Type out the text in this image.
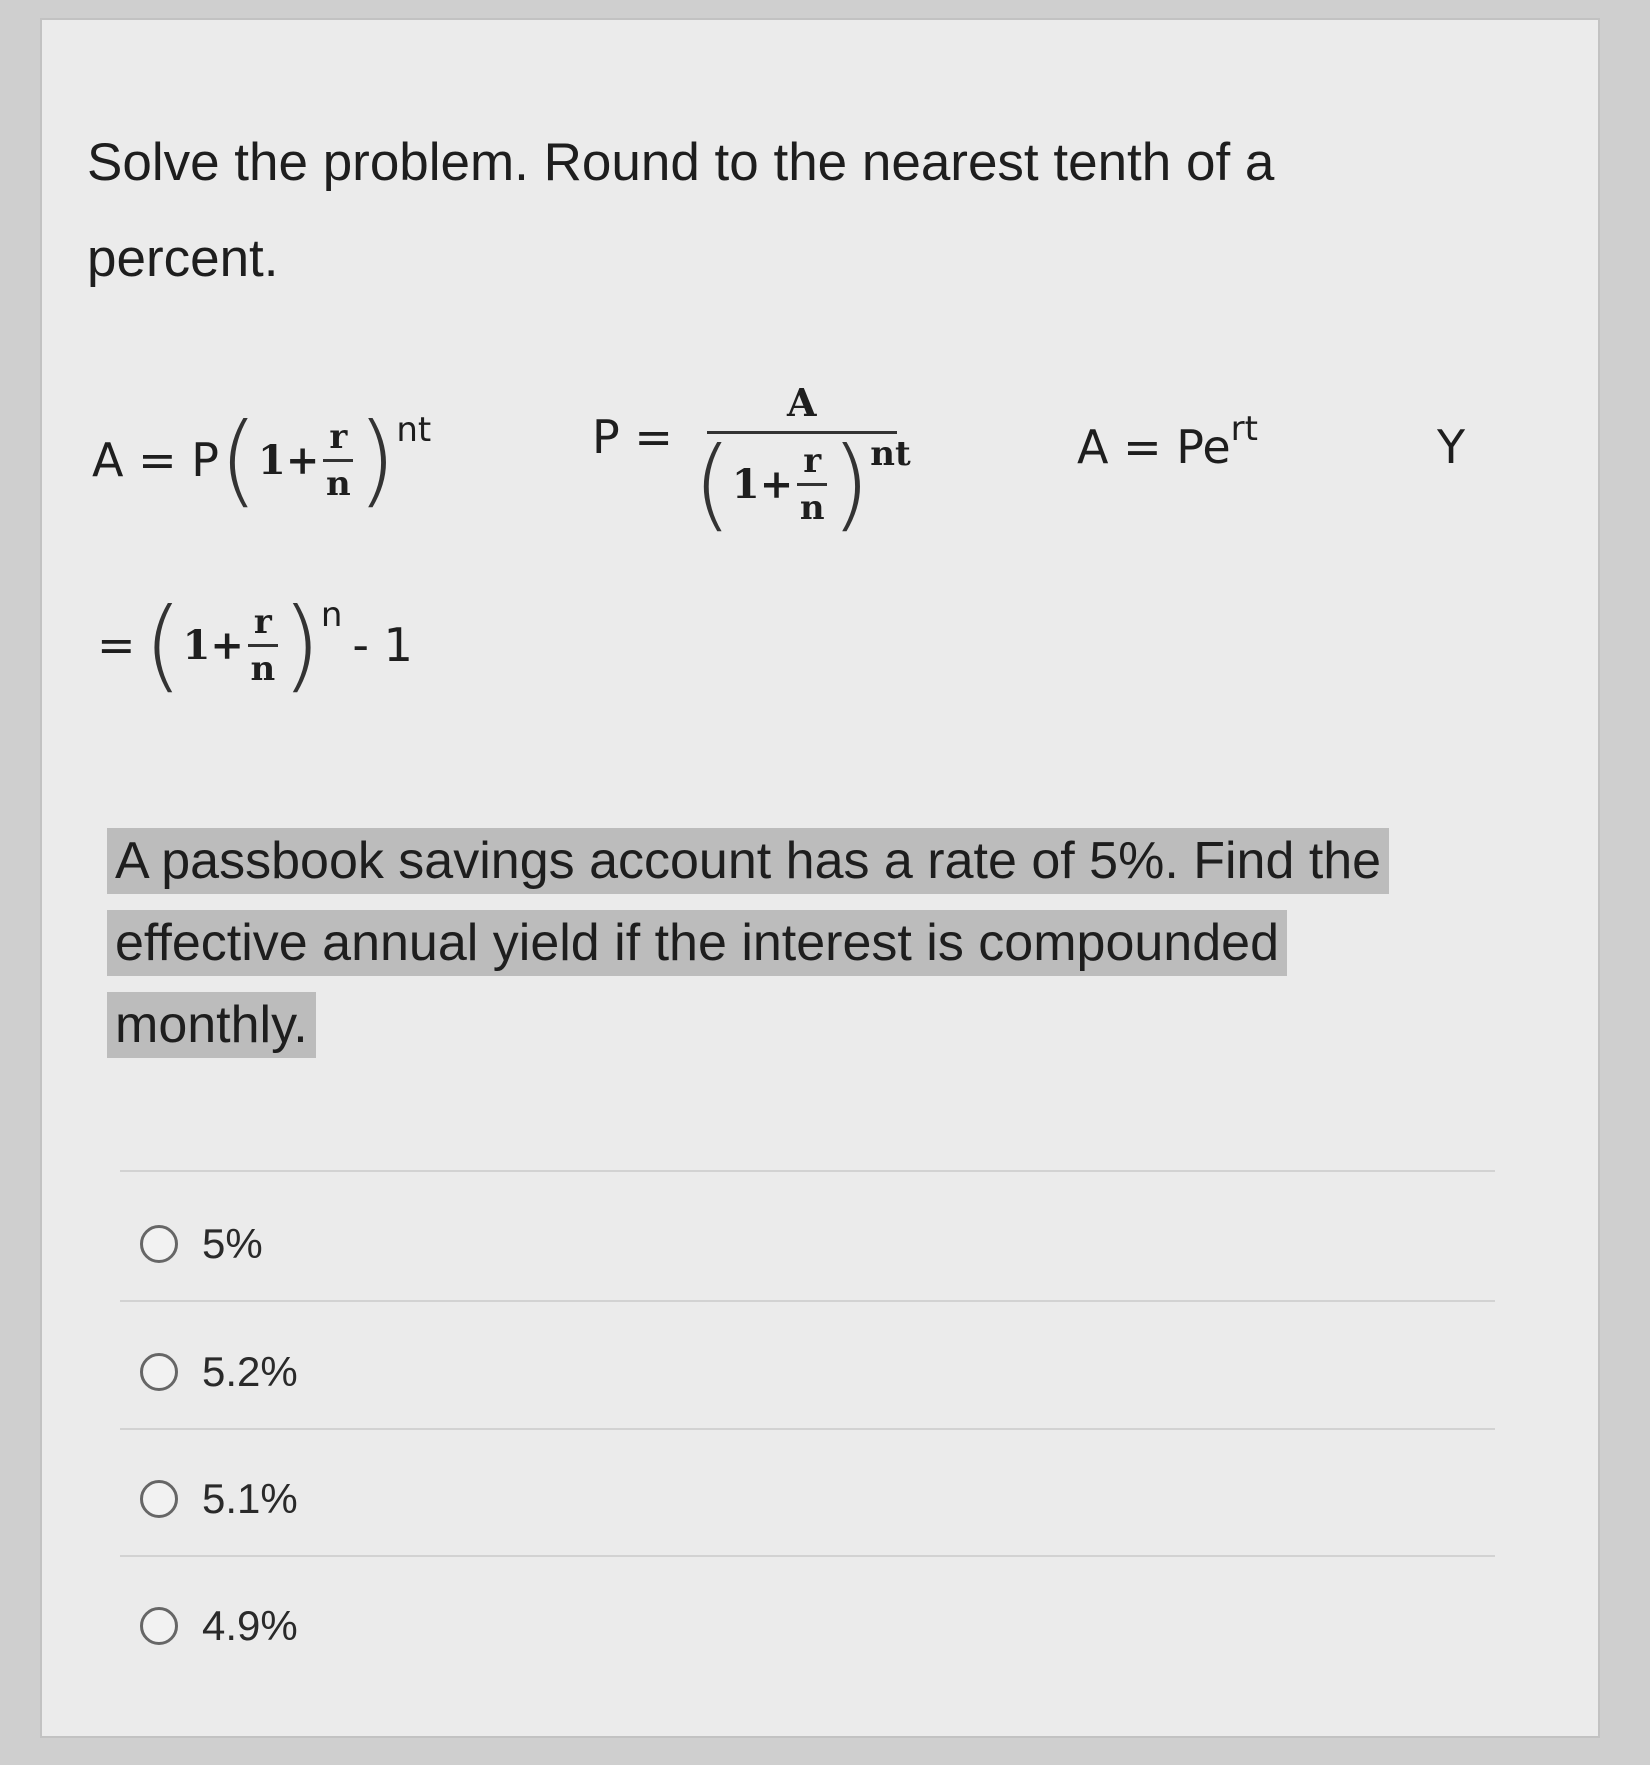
Solve the problem. Round to the nearest tenth of a percent.
A = P ( $1+ \frac{r}{n}$ ) nt	P =
A
( $1+ \frac{r}{n}$ ) nt	A = Pe rt	Y
= ( $1+ \frac{r}{n}$ ) n
- 1
A passbook savings account has a rate of 5%. Find the effective annual yield if the interest is compounded monthly.
5%
5.2%
5.1%
4.9%
